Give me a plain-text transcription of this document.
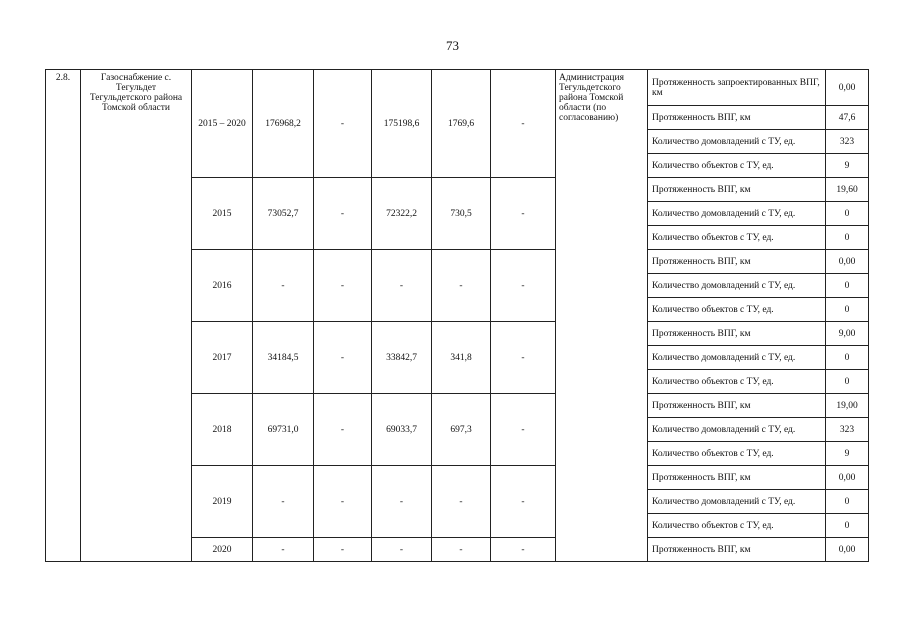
73
2.8.	Газоснабжение с. Тегульдет Тегульдетского района Томской области	2015 – 2020	176968,2	-	175198,6	1769,6	-	Администрация Тегульдетского района Томской области (по согласованию)	Протяженность запроектированных ВПГ, км	0,00
									Протяженность ВПГ, км	47,6
									Количество домовладений с ТУ, ед.	323
									Количество объектов с ТУ, ед.	9
		2015	73052,7	-	72322,2	730,5	-		Протяженность ВПГ, км	19,60
									Количество домовладений с ТУ, ед.	0
									Количество объектов с ТУ, ед.	0
		2016	-	-	-	-	-		Протяженность ВПГ, км	0,00
									Количество домовладений с ТУ, ед.	0
									Количество объектов с ТУ, ед.	0
		2017	34184,5	-	33842,7	341,8	-		Протяженность ВПГ, км	9,00
									Количество домовладений с ТУ, ед.	0
									Количество объектов с ТУ, ед.	0
		2018	69731,0	-	69033,7	697,3	-		Протяженность ВПГ, км	19,00
									Количество домовладений с ТУ, ед.	323
									Количество объектов с ТУ, ед.	9
		2019	-	-	-	-	-		Протяженность ВПГ, км	0,00
									Количество домовладений с ТУ, ед.	0
									Количество объектов с ТУ, ед.	0
		2020	-	-	-	-	-		Протяженность ВПГ, км	0,00
